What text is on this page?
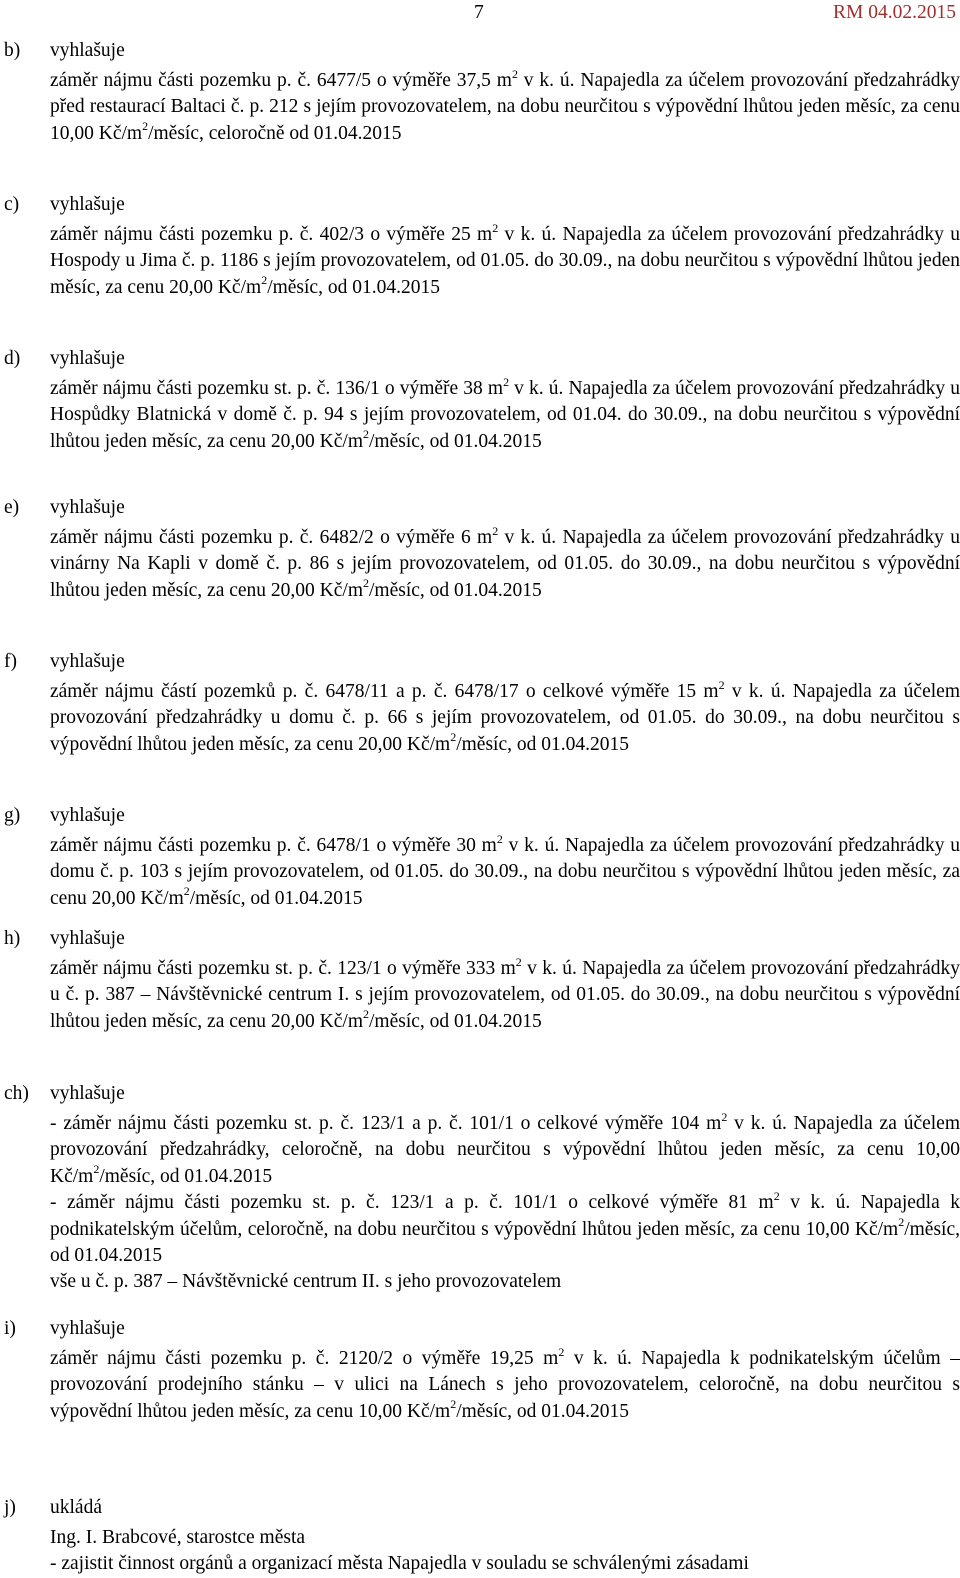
7	RM 04.02.2015
b) vyhlašuje

záměr nájmu části pozemku p. č. 6477/5 o výměře 37,5 $m^2$ v k. ú. Napajedla za účelem provozování předzahrádky před restaurací Baltaci č. p. 212 s jejím provozovatelem, na dobu neurčitou s výpovědní lhůtou jeden měsíc, za cenu 10,00 $Kč/m^2$/měsíc, celoročně od 01.04.2015

c) vyhlašuje

záměr nájmu části pozemku p. č. 402/3 o výměře 25 $m^2$ v k. ú. Napajedla za účelem provozování předzahrádky u Hospody u Jima č. p. 1186 s jejím provozovatelem, od 01.05. do 30.09., na dobu neurčitou s výpovědní lhůtou jeden měsíc, za cenu 20,00 $Kč/m^2$/měsíc, od 01.04.2015

d) vyhlašuje

záměr nájmu části pozemku st. p. č. 136/1 o výměře 38 $m^2$ v k. ú. Napajedla za účelem provozování předzahrádky u Hospůdky Blatnická v domě č. p. 94 s jejím provozovatelem, od 01.04. do 30.09., na dobu neurčitou s výpovědní lhůtou jeden měsíc, za cenu 20,00 $Kč/m^2$/měsíc, od 01.04.2015

e) vyhlašuje

záměr nájmu části pozemku p. č. 6482/2 o výměře 6 $m^2$ v k. ú. Napajedla za účelem provozování předzahrádky u vinárny Na Kapli v domě č. p. 86 s jejím provozovatelem, od 01.05. do 30.09., na dobu neurčitou s výpovědní lhůtou jeden měsíc, za cenu 20,00 $Kč/m^2$/měsíc, od 01.04.2015

f) vyhlašuje

záměr nájmu částí pozemků p. č. 6478/11 a p. č. 6478/17 o celkové výměře 15 $m^2$ v k. ú. Napajedla za účelem provozování předzahrádky u domu č. p. 66 s jejím provozovatelem, od 01.05. do 30.09., na dobu neurčitou s výpovědní lhůtou jeden měsíc, za cenu 20,00 $Kč/m^2$/měsíc, od 01.04.2015

g) vyhlašuje

záměr nájmu části pozemku p. č. 6478/1 o výměře 30 $m^2$ v k. ú. Napajedla za účelem provozování předzahrádky u domu č. p. 103 s jejím provozovatelem, od 01.05. do 30.09., na dobu neurčitou s výpovědní lhůtou jeden měsíc, za cenu 20,00 $Kč/m^2$/měsíc, od 01.04.2015

h) vyhlašuje

záměr nájmu části pozemku st. p. č. 123/1 o výměře 333 $m^2$ v k. ú. Napajedla za účelem provozování předzahrádky u č. p. 387 – Návštěvnické centrum I. s jejím provozovatelem, od 01.05. do 30.09., na dobu neurčitou s výpovědní lhůtou jeden měsíc, za cenu 20,00 $Kč/m^2$/měsíc, od 01.04.2015

ch) vyhlašuje

- záměr nájmu části pozemku st. p. č. 123/1 a p. č. 101/1 o celkové výměře 104 $m^2$ v k. ú. Napajedla za účelem provozování předzahrádky, celoročně, na dobu neurčitou s výpovědní lhůtou jeden měsíc, za cenu 10,00 $Kč/m^2$/měsíc, od 01.04.2015

- záměr nájmu části pozemku st. p. č. 123/1 a p. č. 101/1 o celkové výměře 81 $m^2$ v k. ú. Napajedla k podnikatelským účelům, celoročně, na dobu neurčitou s výpovědní lhůtou jeden měsíc, za cenu 10,00 $Kč/m^2$/měsíc, od 01.04.2015

vše u č. p. 387 – Návštěvnické centrum II. s jeho provozovatelem

i) vyhlašuje

záměr nájmu části pozemku p. č. 2120/2 o výměře 19,25 $m^2$ v k. ú. Napajedla k podnikatelským účelům – provozování prodejního stánku – v ulici na Lánech s jeho provozovatelem, celoročně, na dobu neurčitou s výpovědní lhůtou jeden měsíc, za cenu 10,00 $Kč/m^2$/měsíc, od 01.04.2015

j) ukládá

Ing. I. Brabcové, starostce města

- zajistit činnost orgánů a organizací města Napajedla v souladu se schválenými zásadami
